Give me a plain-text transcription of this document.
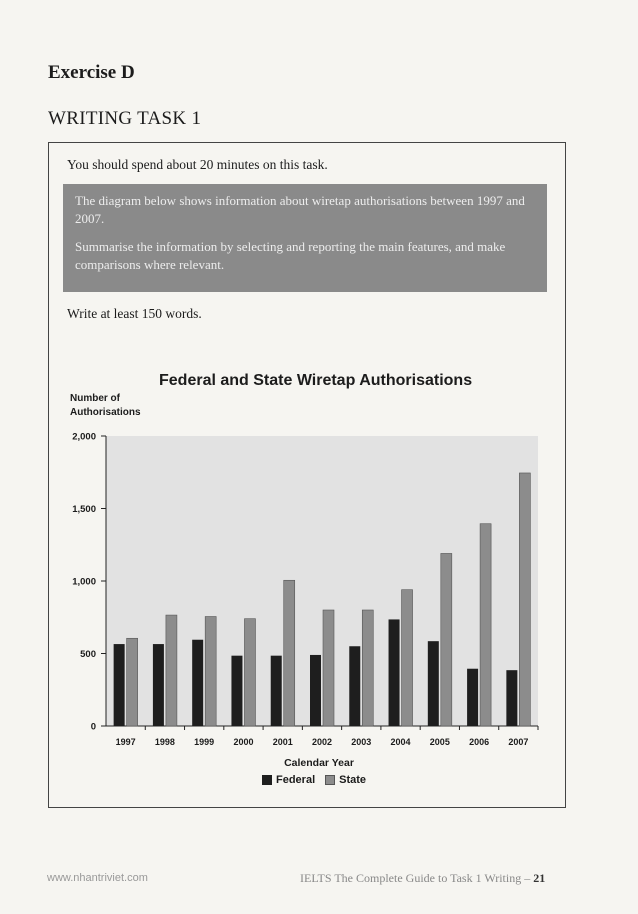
Exercise D
WRITING TASK 1
You should spend about 20 minutes on this task.

The diagram below shows information about wiretap authorisations between 1997 and 2007.

Summarise the information by selecting and reporting the main features, and make comparisons where relevant.

Write at least 150 words.
Federal and State Wiretap Authorisations
Number of Authorisations
0
500
1,000
1,500
2,000
1997 1998 1999 2000 2001 2002 2003 2004 2005 2006 2007
Calendar Year
Federal State
www.nhantriviet.com	IELTS The Complete Guide to Task 1 Writing – 21
